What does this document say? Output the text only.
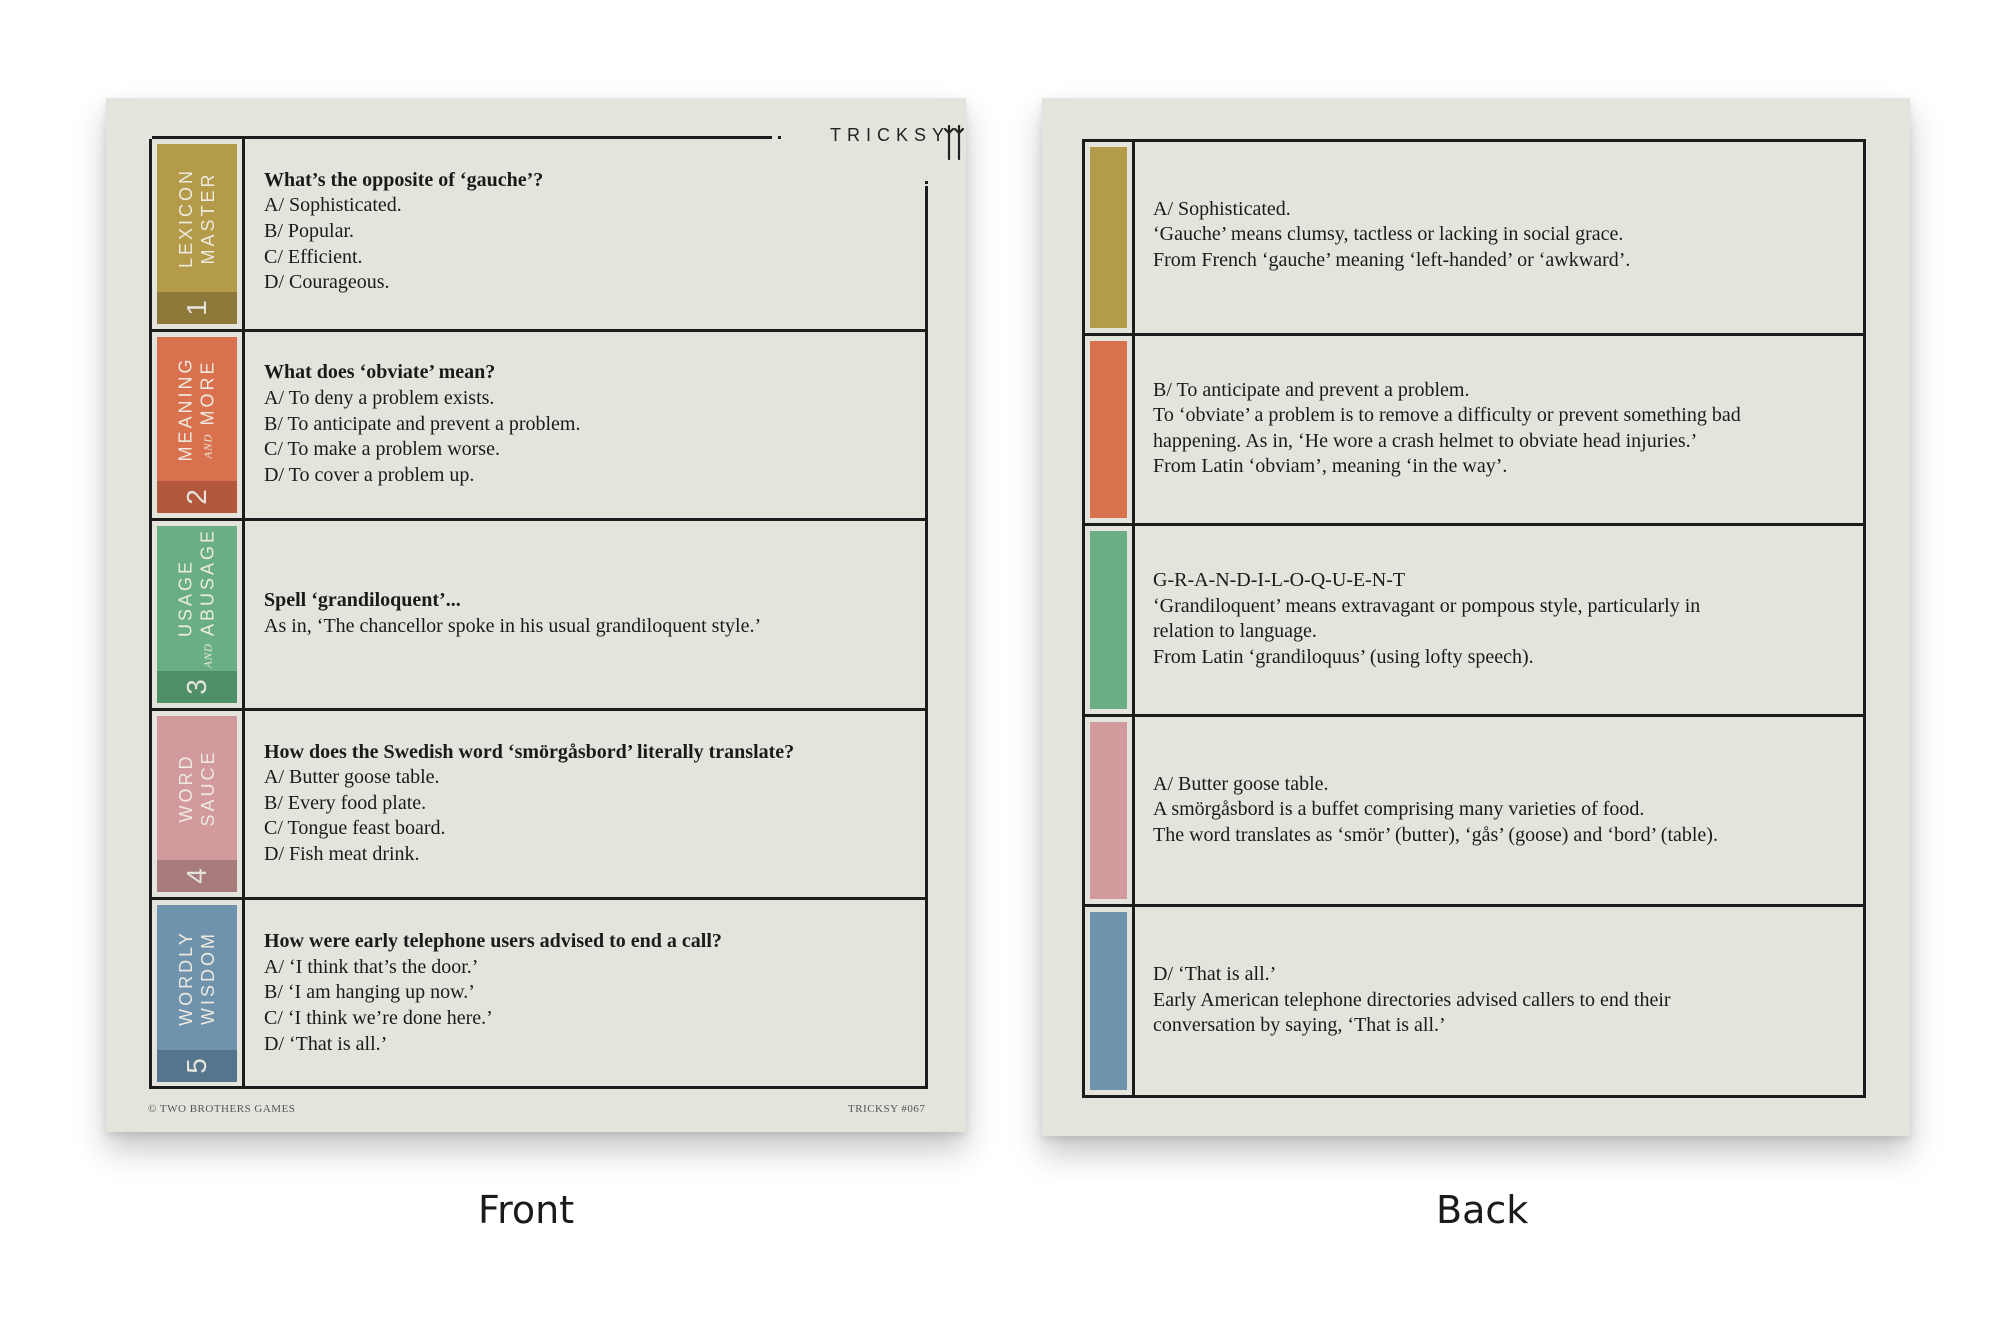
TRICKSY
LEXICON MASTER
1
What’s the opposite of ‘gauche’?
A/ Sophisticated.
B/ Popular.
C/ Efficient.
D/ Courageous.
MEANING AND MORE
2
What does ‘obviate’ mean?
A/ To deny a problem exists.
B/ To anticipate and prevent a problem.
C/ To make a problem worse.
D/ To cover a problem up.
USAGE
AND ABUSAGE
3
Spell ‘grandiloquent’...
As in, ‘The chancellor spoke in his usual grandiloquent style.’
WORD SAUCE
4
How does the Swedish word ‘smörgåsbord’ literally translate?
A/ Butter goose table.
B/ Every food plate.
C/ Tongue feast board.
D/ Fish meat drink.
WORDLY WISDOM
5
How were early telephone users advised to end a call?
A/ ‘I think that’s the door.’
B/ ‘I am hanging up now.’
C/ ‘I think we’re done here.’
D/ ‘That is all.’
© TWO BROTHERS GAMES	TRICKSY #067
A/ Sophisticated.
‘Gauche’ means clumsy, tactless or lacking in social grace.
From French ‘gauche’ meaning ‘left-handed’ or ‘awkward’.
B/ To anticipate and prevent a problem.
To ‘obviate’ a problem is to remove a difficulty or prevent something bad
happening. As in, ‘He wore a crash helmet to obviate head injuries.’
From Latin ‘obviam’, meaning ‘in the way’.
G-R-A-N-D-I-L-O-Q-U-E-N-T
‘Grandiloquent’ means extravagant or pompous style, particularly in
relation to language.
From Latin ‘grandiloquus’ (using lofty speech).
A/ Butter goose table.
A smörgåsbord is a buffet comprising many varieties of food.
The word translates as ‘smör’ (butter), ‘gås’ (goose) and ‘bord’ (table).
D/ ‘That is all.’
Early American telephone directories advised callers to end their
conversation by saying, ‘That is all.’
Front	Back
